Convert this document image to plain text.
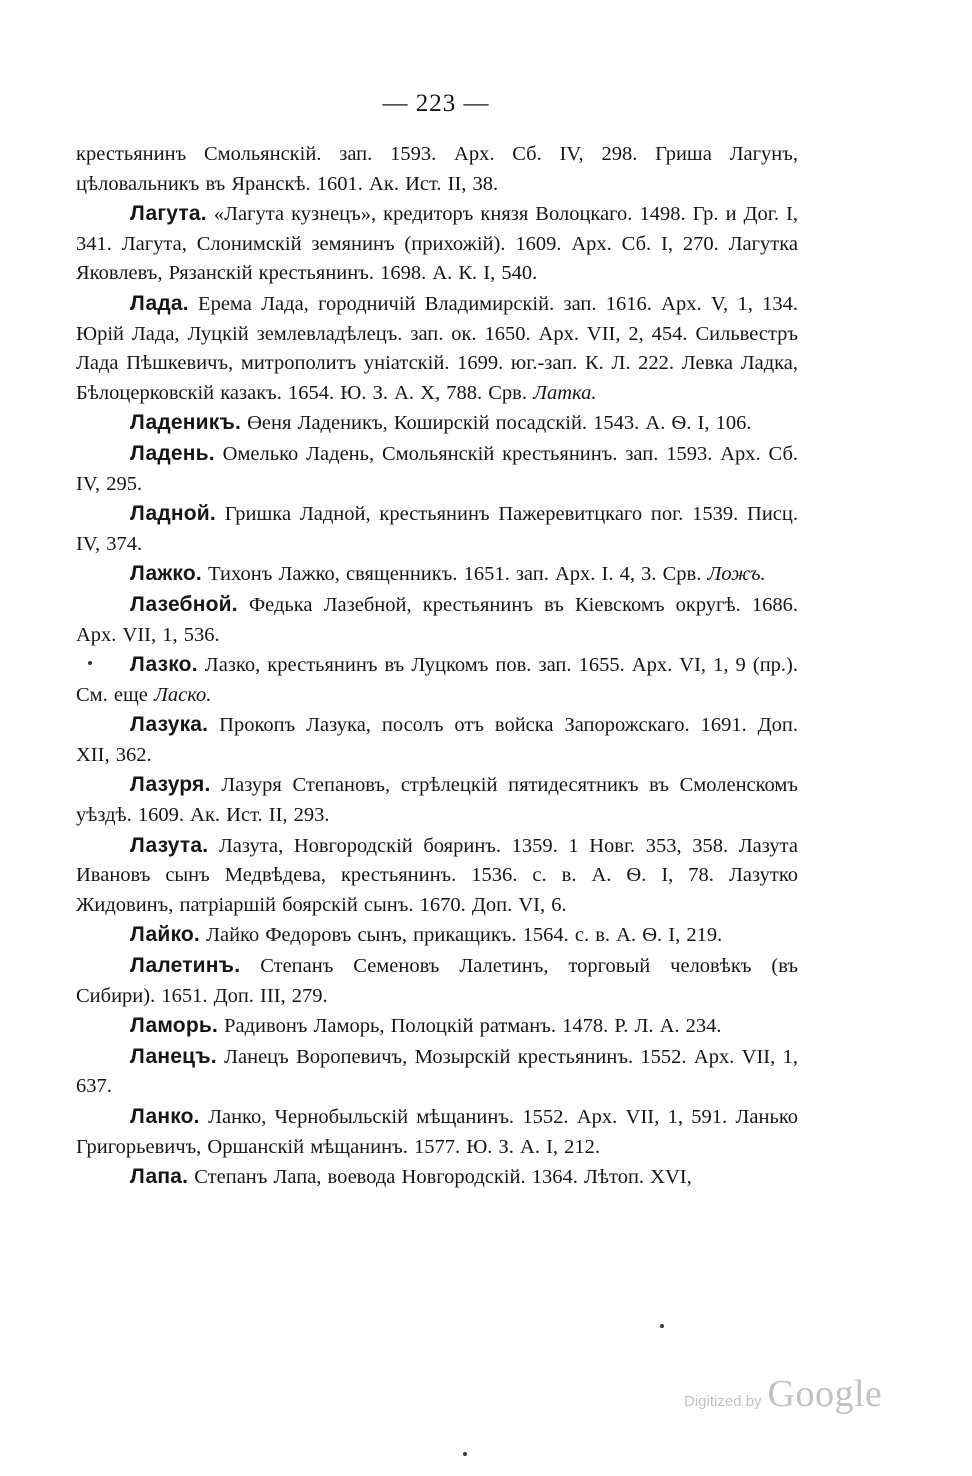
— 223 —

крестьянинъ Смольянскій. зап. 1593. Арх. Сб. IV, 298. Гриша Лагунъ, цѣловальникъ въ Яранскѣ. 1601. Ак. Ист. II, 38.

Лагута. «Лагута кузнецъ», кредиторъ князя Волоцкаго. 1498. Гр. и Дог. I, 341. Лагута, Слонимскій земянинъ (прихожій). 1609. Арх. Сб. I, 270. Лагутка Яковлевъ, Рязанскій крестьянинъ. 1698. А. К. I, 540.

Лада. Ерема Лада, городничій Владимирскій. зап. 1616. Арх. V, 1, 134. Юрій Лада, Луцкій землевладѣлецъ. зап. ок. 1650. Арх. VII, 2, 454. Сильвестръ Лада Пѣшкевичъ, митрополитъ уніатскій. 1699. юг.-зап. К. Л. 222. Левка Ладка, Бѣлоцерковскій казакъ. 1654. Ю. З. А. X, 788. Срв. Латка.

Ладеникъ. Өеня Ладеникъ, Коширскій посадскій. 1543. А. Ѳ. I, 106.

Ладень. Омелько Ладень, Смольянскій крестьянинъ. зап. 1593. Арх. Сб. IV, 295.

Ладной. Гришка Ладной, крестьянинъ Пажеревитцкаго пог. 1539. Писц. IV, 374.

Лажко. Тихонъ Лажко, священникъ. 1651. зап. Арх. I. 4, 3. Срв. Ложъ.

Лазебной. Федька Лазебной, крестьянинъ въ Кіевскомъ округѣ. 1686. Арх. VII, 1, 536.

Лазко. Лазко, крестьянинъ въ Луцкомъ пов. зап. 1655. Арх. VI, 1, 9 (пр.). См. еще Ласко.

Лазука. Прокопъ Лазука, посолъ отъ войска Запорожскаго. 1691. Доп. XII, 362.

Лазуря. Лазуря Степановъ, стрѣлецкій пятидесятникъ въ Смоленскомъ уѣздѣ. 1609. Ак. Ист. II, 293.

Лазута. Лазута, Новгородскій бояринъ. 1359. 1 Новг. 353, 358. Лазута Ивановъ сынъ Медвѣдева, крестьянинъ. 1536. с. в. А. Ѳ. I, 78. Лазутко Жидовинъ, патріаршій боярскій сынъ. 1670. Доп. VI, 6.

Лайко. Лайко Федоровъ сынъ, прикащикъ. 1564. с. в. А. Ѳ. I, 219.

Лалетинъ. Степанъ Семеновъ Лалетинъ, торговый человѣкъ (въ Сибири). 1651. Доп. III, 279.

Ламорь. Радивонъ Ламорь, Полоцкій ратманъ. 1478. Р. Л. А. 234.

Ланецъ. Ланецъ Воропевичъ, Мозырскій крестьянинъ. 1552. Арх. VII, 1, 637.

Ланко. Ланко, Чернобыльскій мѣщанинъ. 1552. Арх. VII, 1, 591. Ланько Григорьевичъ, Оршанскій мѣщанинъ. 1577. Ю. З. А. I, 212.

Лапа. Степанъ Лапа, воевода Новгородскій. 1364. Лѣтоп. XVI,

Digitized by Google
